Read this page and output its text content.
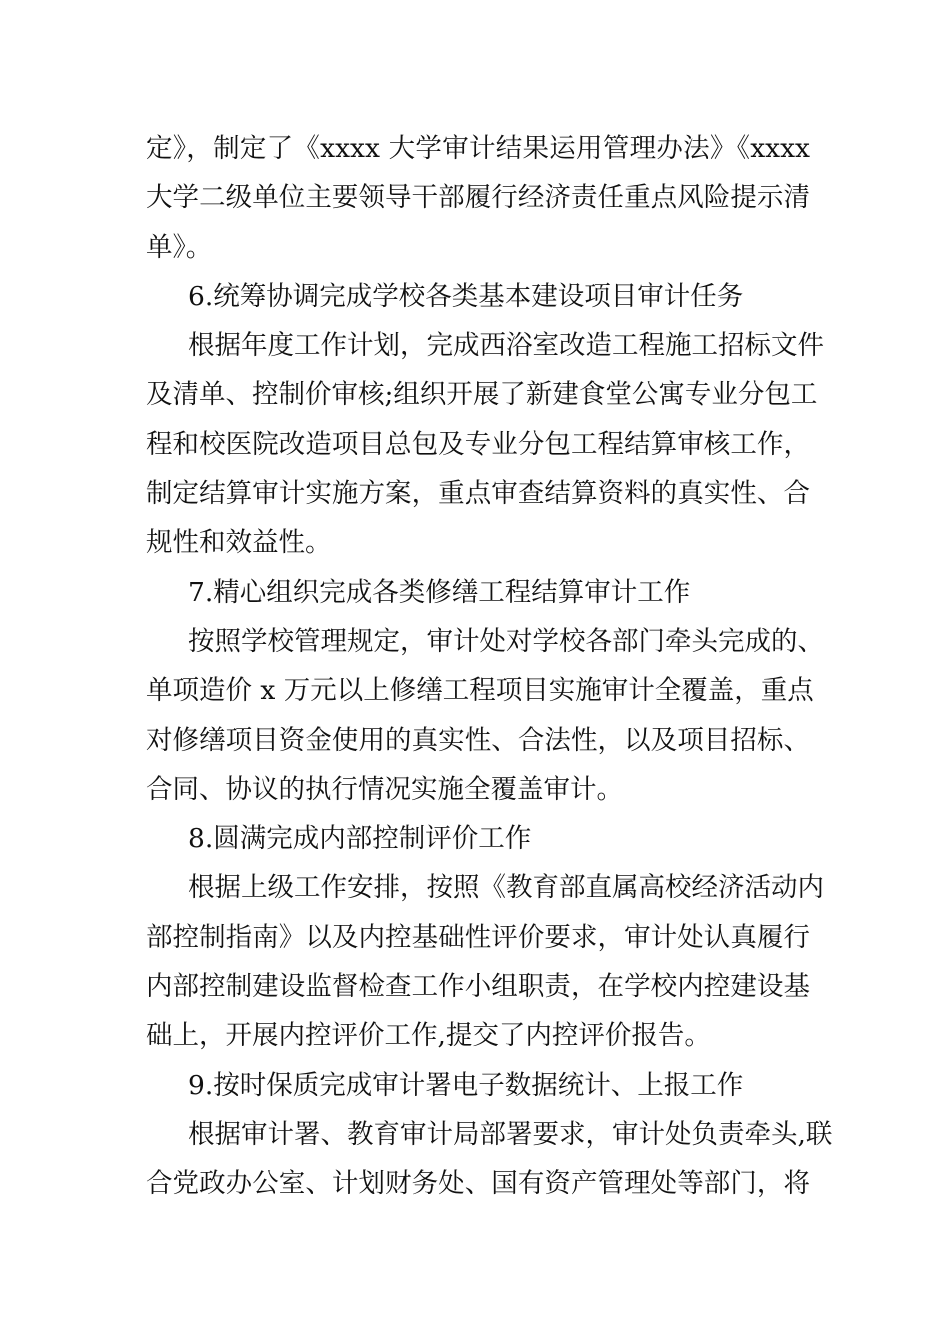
定》，制定了《xxxx 大学审计结果运用管理办法》《xxxx
大学二级单位主要领导干部履行经济责任重点风险提示清
单》。

6.统筹协调完成学校各类基本建设项目审计任务

根据年度工作计划，完成西浴室改造工程施工招标文件
及清单、控制价审核;组织开展了新建食堂公寓专业分包工
程和校医院改造项目总包及专业分包工程结算审核工作，
制定结算审计实施方案，重点审查结算资料的真实性、合
规性和效益性。

7.精心组织完成各类修缮工程结算审计工作

按照学校管理规定，审计处对学校各部门牵头完成的、
单项造价 x 万元以上修缮工程项目实施审计全覆盖，重点
对修缮项目资金使用的真实性、合法性，以及项目招标、
合同、协议的执行情况实施全覆盖审计。

8.圆满完成内部控制评价工作

根据上级工作安排，按照《教育部直属高校经济活动内
部控制指南》以及内控基础性评价要求，审计处认真履行
内部控制建设监督检查工作小组职责，在学校内控建设基
础上，开展内控评价工作,提交了内控评价报告。

9.按时保质完成审计署电子数据统计、上报工作

根据审计署、教育审计局部署要求，审计处负责牵头,联
合党政办公室、计划财务处、国有资产管理处等部门，将
